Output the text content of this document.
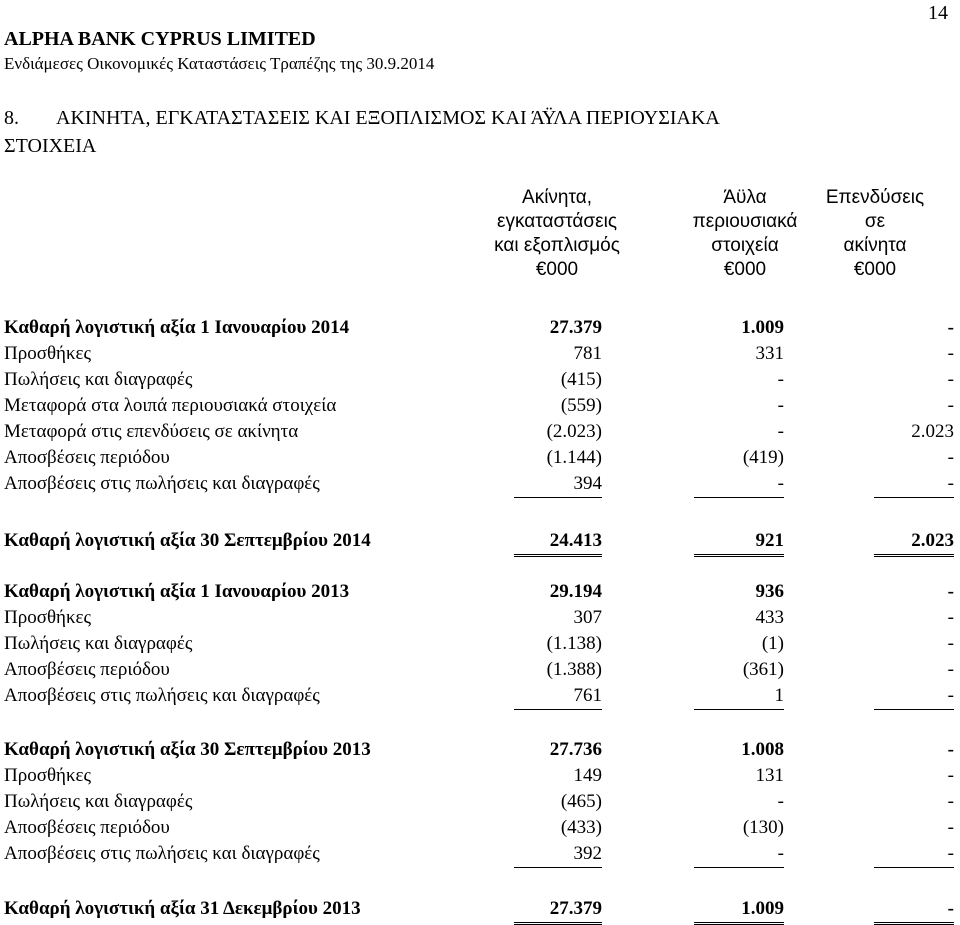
14
ALPHA BANK CYPRUS LIMITED
Ενδιάμεσες Οικονομικές Καταστάσεις Τραπέζης της 30.9.2014
8. ΑΚΙΝΗΤΑ, ΕΓΚΑΤΑΣΤΑΣΕΙΣ ΚΑΙ ΕΞΟΠΛΙΣΜΟΣ ΚΑΙ ΆΫΛΑ ΠΕΡΙΟΥΣΙΑΚΑ
ΣΤΟΙΧΕΙΑ
Ακίνητα,
εγκαταστάσεις
και εξοπλισμός
€000
Άϋλα
περιουσιακά
στοιχεία
€000
Επενδύσεις
σε
ακίνητα
€000
Καθαρή λογιστική αξία 1 Ιανουαρίου 2014	27.379	1.009	-
Προσθήκες	781	331	-
Πωλήσεις και διαγραφές	(415)	-	-
Μεταφορά στα λοιπά περιουσιακά στοιχεία	(559)	-	-
Μεταφορά στις επενδύσεις σε ακίνητα	(2.023)	-	2.023
Αποσβέσεις περιόδου	(1.144)	(419)	-
Αποσβέσεις στις πωλήσεις και διαγραφές	394	-	-
Καθαρή λογιστική αξία 30 Σεπτεμβρίου 2014	24.413	921	2.023
Καθαρή λογιστική αξία 1 Ιανουαρίου 2013	29.194	936	-
Προσθήκες	307	433	-
Πωλήσεις και διαγραφές	(1.138)	(1)	-
Αποσβέσεις περιόδου	(1.388)	(361)	-
Αποσβέσεις στις πωλήσεις και διαγραφές	761	1	-
Καθαρή λογιστική αξία 30 Σεπτεμβρίου 2013	27.736	1.008	-
Προσθήκες	149	131	-
Πωλήσεις και διαγραφές	(465)	-	-
Αποσβέσεις περιόδου	(433)	(130)	-
Αποσβέσεις στις πωλήσεις και διαγραφές	392	-	-
Καθαρή λογιστική αξία 31 Δεκεμβρίου 2013	27.379	1.009	-
